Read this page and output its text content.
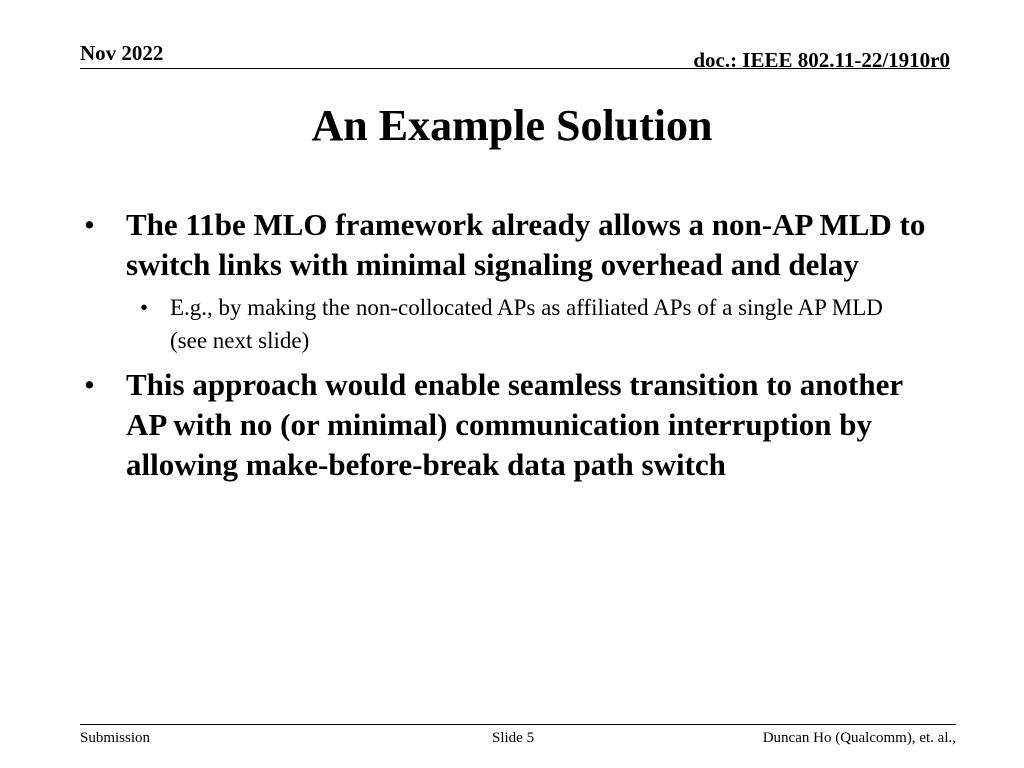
Nov 2022	doc.: IEEE 802.11-22/1910r0
An Example Solution
• The 11be MLO framework already allows a non-AP MLD to switch links with minimal signaling overhead and delay
• E.g., by making the non-collocated APs as affiliated APs of a single AP MLD (see next slide)
• This approach would enable seamless transition to another AP with no (or minimal) communication interruption by allowing make-before-break data path switch
Submission	Slide 5	Duncan Ho (Qualcomm), et. al.,
